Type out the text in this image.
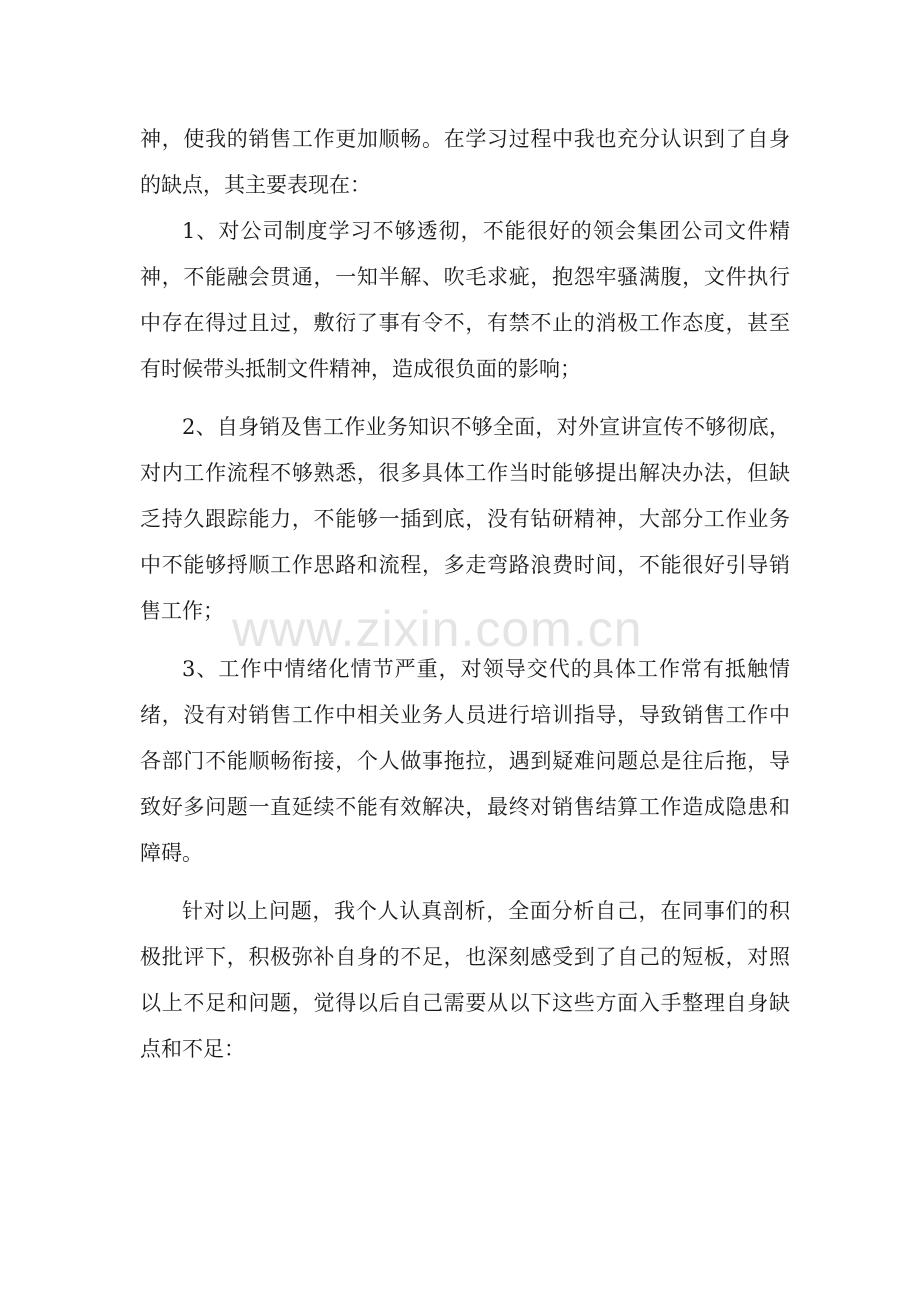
神，使我的销售工作更加顺畅。在学习过程中我也充分认识到了自身的缺点，其主要表现在：

1、对公司制度学习不够透彻，不能很好的领会集团公司文件精神，不能融会贯通，一知半解、吹毛求疵，抱怨牢骚满腹，文件执行中存在得过且过，敷衍了事有令不，有禁不止的消极工作态度，甚至有时候带头抵制文件精神，造成很负面的影响；

2、自身销及售工作业务知识不够全面，对外宣讲宣传不够彻底，对内工作流程不够熟悉，很多具体工作当时能够提出解决办法，但缺乏持久跟踪能力，不能够一插到底，没有钻研精神，大部分工作业务中不能够捋顺工作思路和流程，多走弯路浪费时间，不能很好引导销售工作；

3、工作中情绪化情节严重，对领导交代的具体工作常有抵触情绪，没有对销售工作中相关业务人员进行培训指导，导致销售工作中各部门不能顺畅衔接，个人做事拖拉，遇到疑难问题总是往后拖，导致好多问题一直延续不能有效解决，最终对销售结算工作造成隐患和障碍。

针对以上问题，我个人认真剖析，全面分析自己，在同事们的积极批评下，积极弥补自身的不足，也深刻感受到了自己的短板，对照以上不足和问题，觉得以后自己需要从以下这些方面入手整理自身缺点和不足：

www.zixin.com.cn
